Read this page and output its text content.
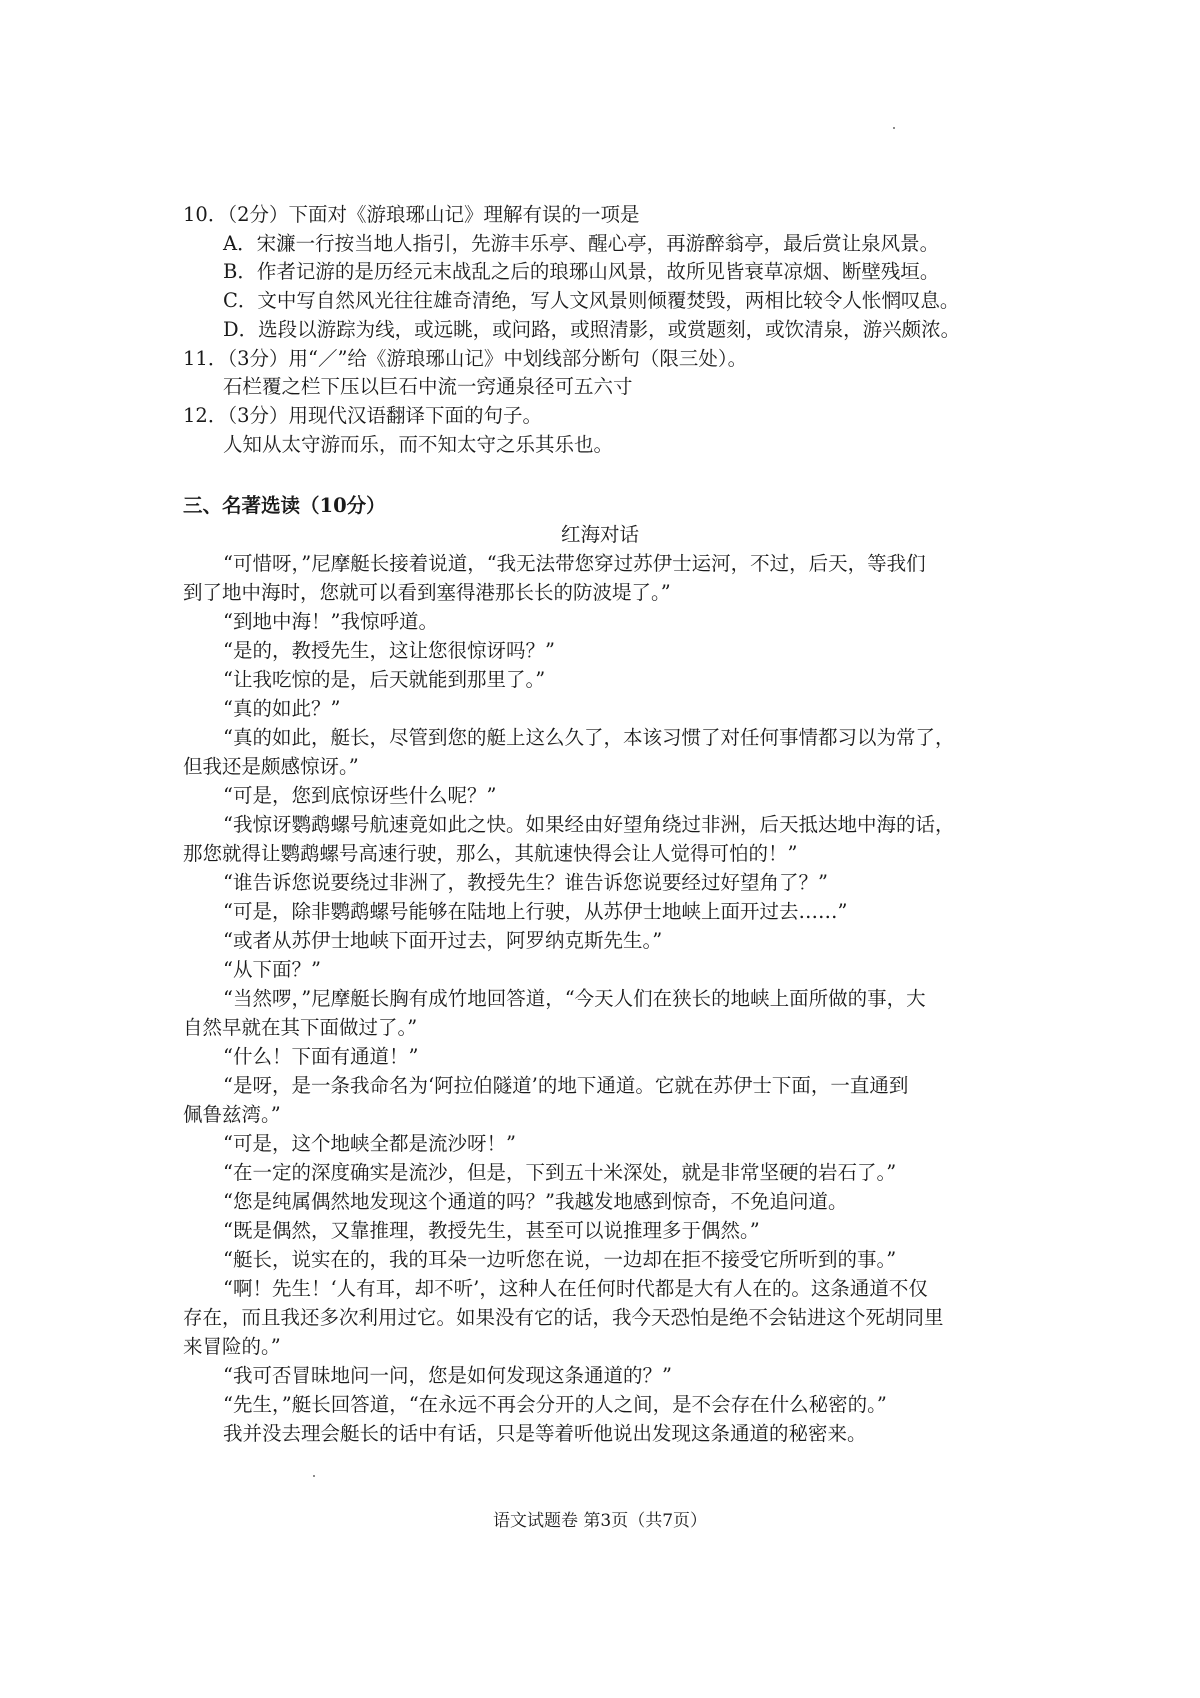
10．（2分）下面对《游琅琊山记》理解有误的一项是
A．宋濂一行按当地人指引，先游丰乐亭、醒心亭，再游醉翁亭，最后赏让泉风景。
B．作者记游的是历经元末战乱之后的琅琊山风景，故所见皆衰草凉烟、断壁残垣。
C．文中写自然风光往往雄奇清绝，写人文风景则倾覆焚毁，两相比较令人怅惘叹息。
D．选段以游踪为线，或远眺，或问路，或照清影，或赏题刻，或饮清泉，游兴颇浓。
11．（3分）用“／”给《游琅琊山记》中划线部分断句（限三处）。
石栏覆之栏下压以巨石中流一窍通泉径可五六寸
12．（3分）用现代汉语翻译下面的句子。
人知从太守游而乐，而不知太守之乐其乐也。
三、名著选读（10分）
红海对话
“可惜呀，”尼摩艇长接着说道，“我无法带您穿过苏伊士运河，不过，后天，等我们
到了地中海时，您就可以看到塞得港那长长的防波堤了。”
“到地中海！”我惊呼道。
“是的，教授先生，这让您很惊讶吗？”
“让我吃惊的是，后天就能到那里了。”
“真的如此？”
“真的如此，艇长，尽管到您的艇上这么久了，本该习惯了对任何事情都习以为常了，
但我还是颇感惊讶。”
“可是，您到底惊讶些什么呢？”
“我惊讶鹦鹉螺号航速竟如此之快。如果经由好望角绕过非洲，后天抵达地中海的话，
那您就得让鹦鹉螺号高速行驶，那么，其航速快得会让人觉得可怕的！”
“谁告诉您说要绕过非洲了，教授先生？谁告诉您说要经过好望角了？”
“可是，除非鹦鹉螺号能够在陆地上行驶，从苏伊士地峡上面开过去……”
“或者从苏伊士地峡下面开过去，阿罗纳克斯先生。”
“从下面？”
“当然啰，”尼摩艇长胸有成竹地回答道，“今天人们在狭长的地峡上面所做的事，大
自然早就在其下面做过了。”
“什么！下面有通道！”
“是呀，是一条我命名为‘阿拉伯隧道’的地下通道。它就在苏伊士下面，一直通到
佩鲁兹湾。”
“可是，这个地峡全都是流沙呀！”
“在一定的深度确实是流沙，但是，下到五十米深处，就是非常坚硬的岩石了。”
“您是纯属偶然地发现这个通道的吗？”我越发地感到惊奇，不免追问道。
“既是偶然，又靠推理，教授先生，甚至可以说推理多于偶然。”
“艇长，说实在的，我的耳朵一边听您在说，一边却在拒不接受它所听到的事。”
“啊！先生！‘人有耳，却不听’，这种人在任何时代都是大有人在的。这条通道不仅
存在，而且我还多次利用过它。如果没有它的话，我今天恐怕是绝不会钻进这个死胡同里
来冒险的。”
“我可否冒昧地问一问，您是如何发现这条通道的？”
“先生，”艇长回答道，“在永远不再会分开的人之间，是不会存在什么秘密的。”
我并没去理会艇长的话中有话，只是等着听他说出发现这条通道的秘密来。
语文试题卷 第3页（共7页）
